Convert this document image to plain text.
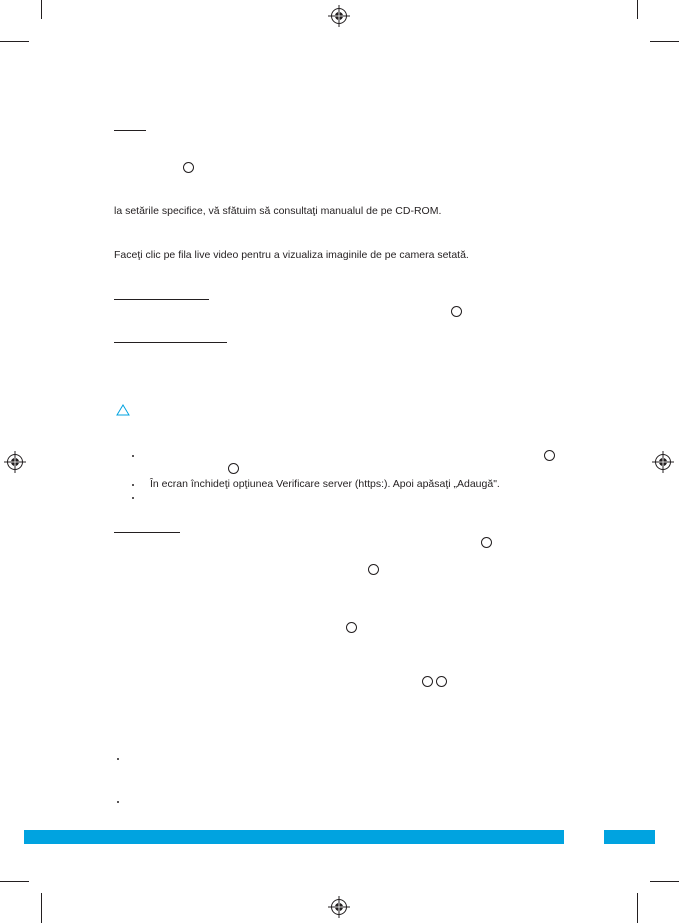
la setările specifice, vă sfătuim să consultaţi manualul de pe CD-ROM.
Faceţi clic pe fila live video pentru a vizualiza imaginile de pe camera setată.
În ecran închideţi opţiunea Verificare server (https:). Apoi apăsaţi „Adaugă".
